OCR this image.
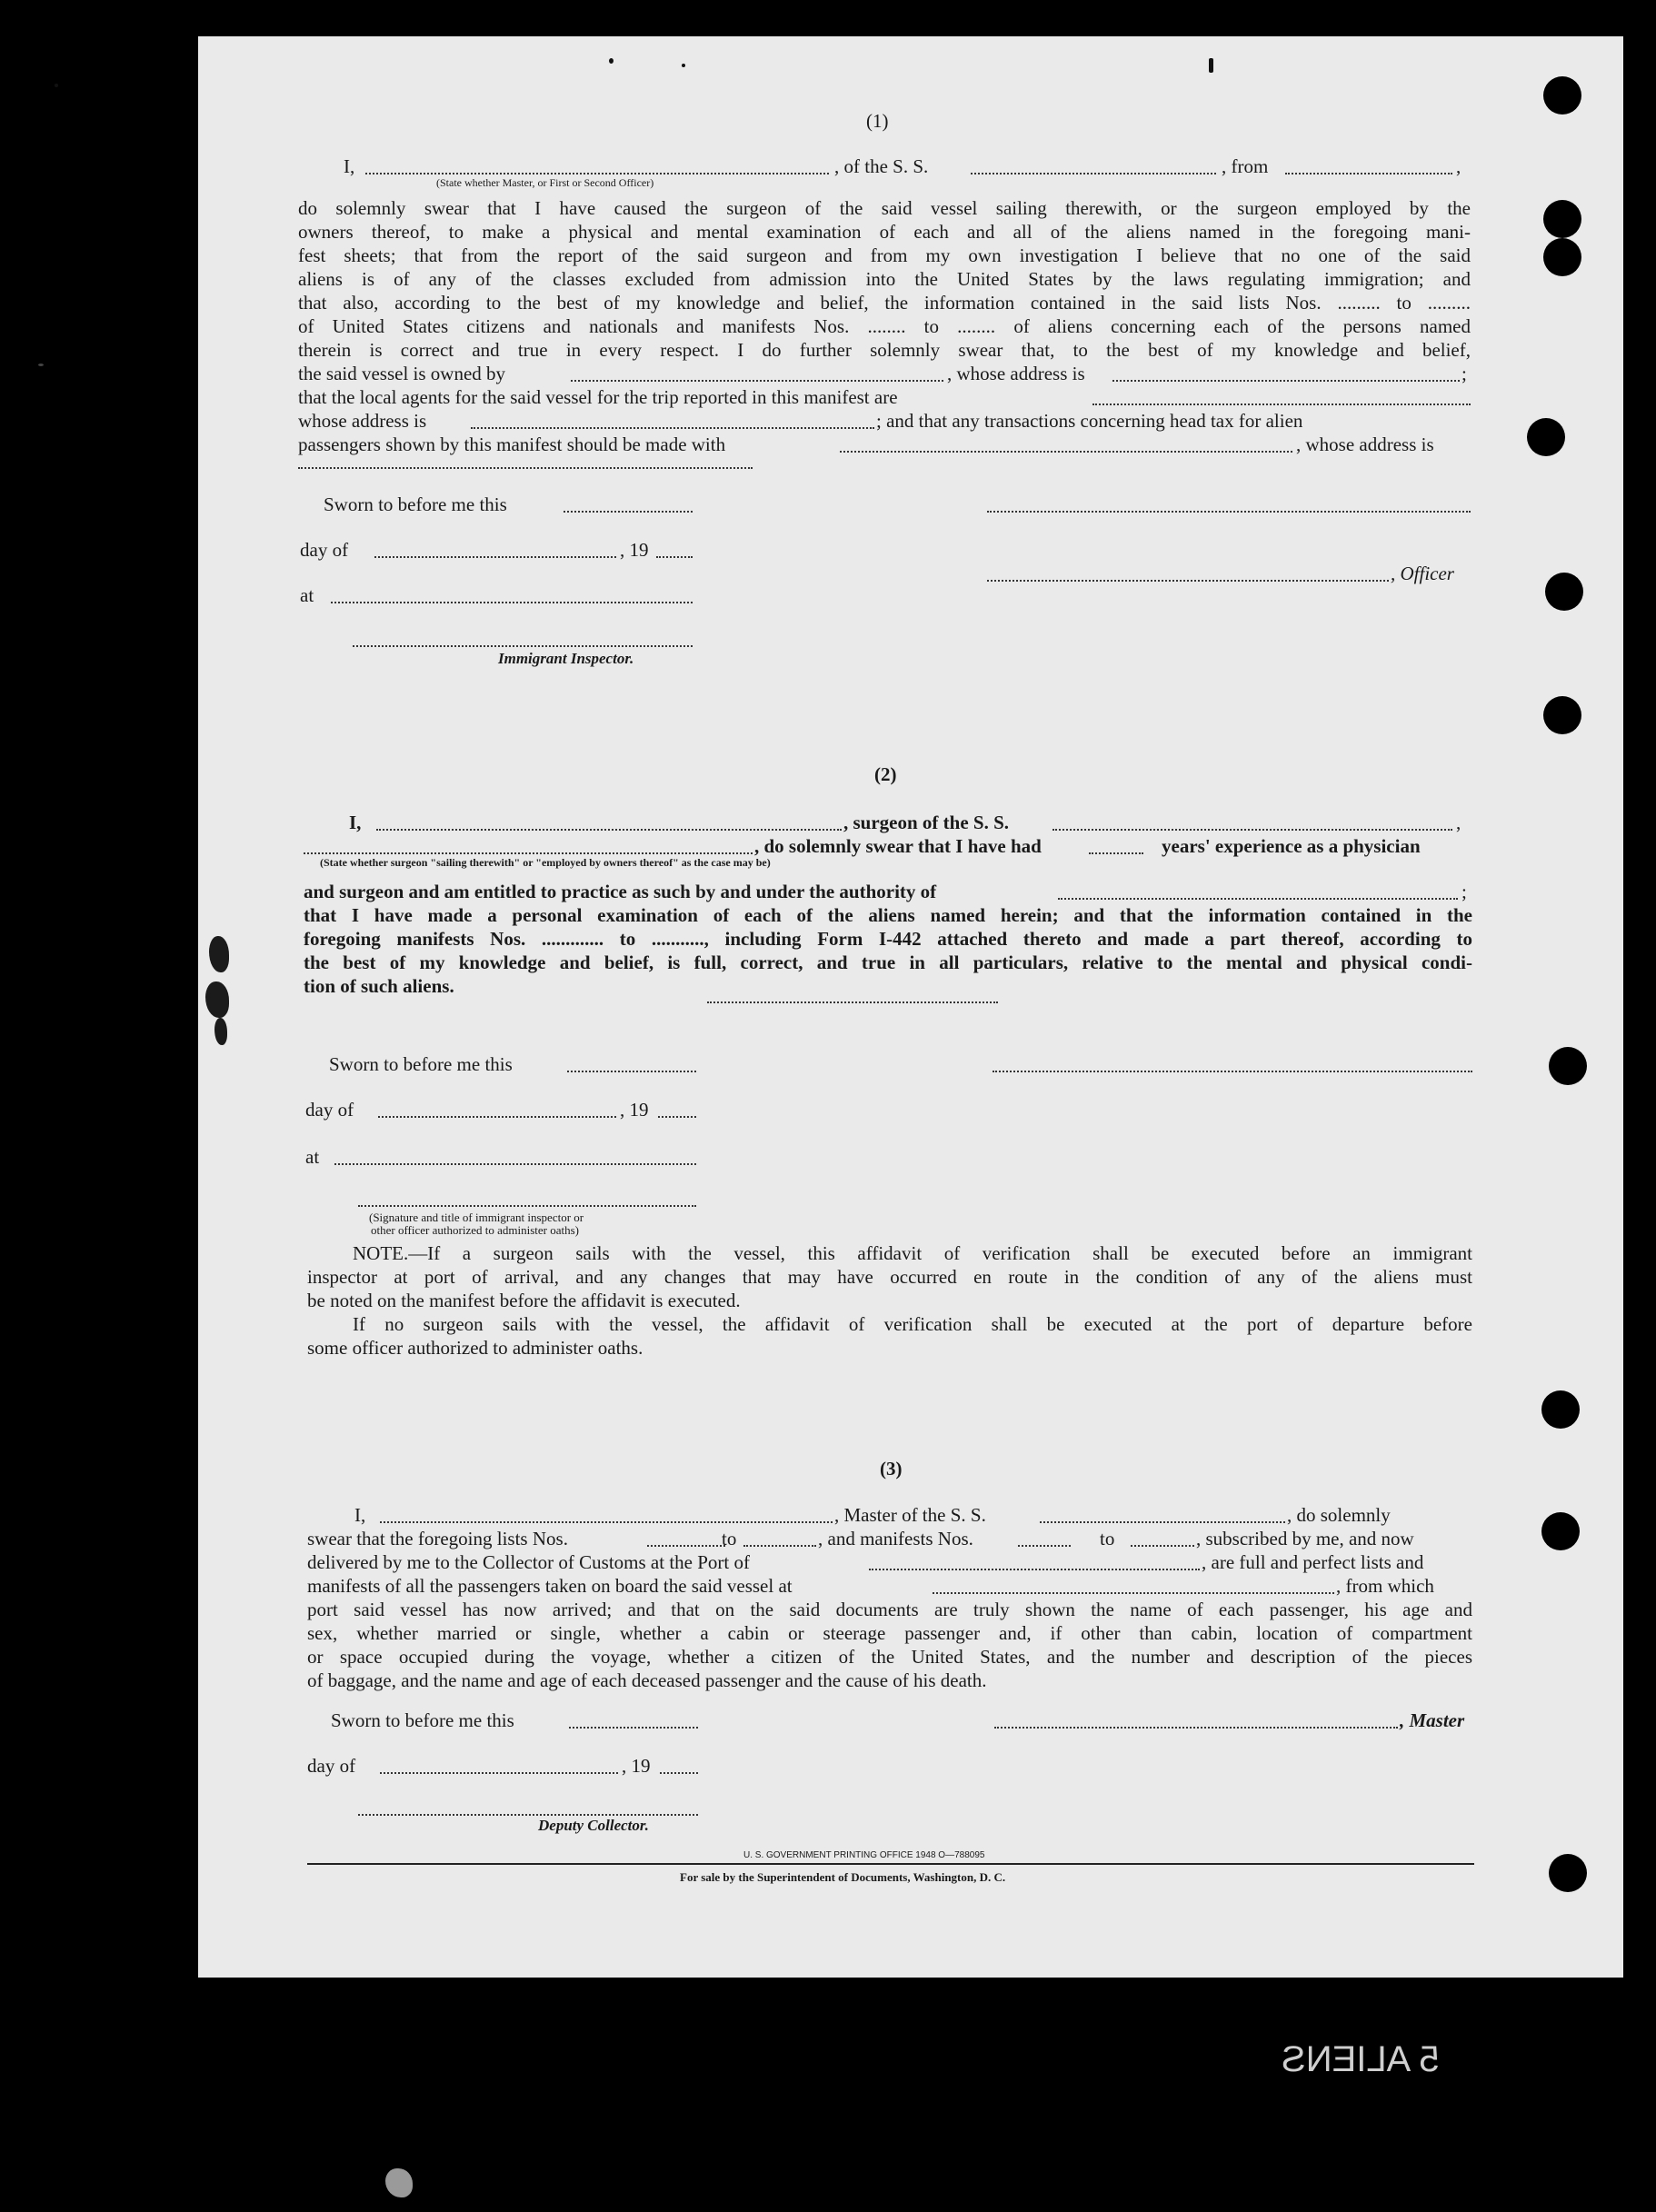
(1)
I,	, of the S. S.	, from	,
(State whether Master, or First or Second Officer)
do solemnly swear that I have caused the surgeon of the said vessel sailing therewith, or the surgeon employed by the
owners thereof, to make a physical and mental examination of each and all of the aliens named in the foregoing mani-
fest sheets; that from the report of the said surgeon and from my own investigation I believe that no one of the said
aliens is of any of the classes excluded from admission into the United States by the laws regulating immigration; and
that also, according to the best of my knowledge and belief, the information contained in the said lists Nos. ......... to .........
of United States citizens and nationals and manifests Nos. ........ to ........ of aliens concerning each of the persons named
therein is correct and true in every respect. I do further solemnly swear that, to the best of my knowledge and belief,
the said vessel is owned by	, whose address is	;
that the local agents for the said vessel for the trip reported in this manifest are
whose address is	; and that any transactions concerning head tax for alien
passengers shown by this manifest should be made with	, whose address is
Sworn to before me this
day of	, 19
, Officer
at
Immigrant Inspector.
(2)
I,	, surgeon of the S. S.	,
, do solemnly swear that I have had	years' experience as a physician
(State whether surgeon "sailing therewith" or "employed by owners thereof" as the case may be)
and surgeon and am entitled to practice as such by and under the authority of	;
that I have made a personal examination of each of the aliens named herein; and that the information contained in the
foregoing manifests Nos. ............. to ..........., including Form I-442 attached thereto and made a part thereof, according to
the best of my knowledge and belief, is full, correct, and true in all particulars, relative to the mental and physical condi-
tion of such aliens.
Sworn to before me this
day of	, 19
at
(Signature and title of immigrant inspector or
other officer authorized to administer oaths)
NOTE.—If a surgeon sails with the vessel, this affidavit of verification shall be executed before an immigrant
inspector at port of arrival, and any changes that may have occurred en route in the condition of any of the aliens must
be noted on the manifest before the affidavit is executed.
If no surgeon sails with the vessel, the affidavit of verification shall be executed at the port of departure before
some officer authorized to administer oaths.
(3)
I,	, Master of the S. S.	, do solemnly
swear that the foregoing lists Nos.	to	, and manifests Nos.	to	, subscribed by me, and now
delivered by me to the Collector of Customs at the Port of	, are full and perfect lists and
manifests of all the passengers taken on board the said vessel at	, from which
port said vessel has now arrived; and that on the said documents are truly shown the name of each passenger, his age and
sex, whether married or single, whether a cabin or steerage passenger and, if other than cabin, location of compartment
or space occupied during the voyage, whether a citizen of the United States, and the number and description of the pieces
of baggage, and the name and age of each deceased passenger and the cause of his death.
Sworn to before me this	, Master
day of	, 19
Deputy Collector.
U. S. GOVERNMENT PRINTING OFFICE 1948 O—788095
For sale by the Superintendent of Documents, Washington, D. C.
5 ALIENS
